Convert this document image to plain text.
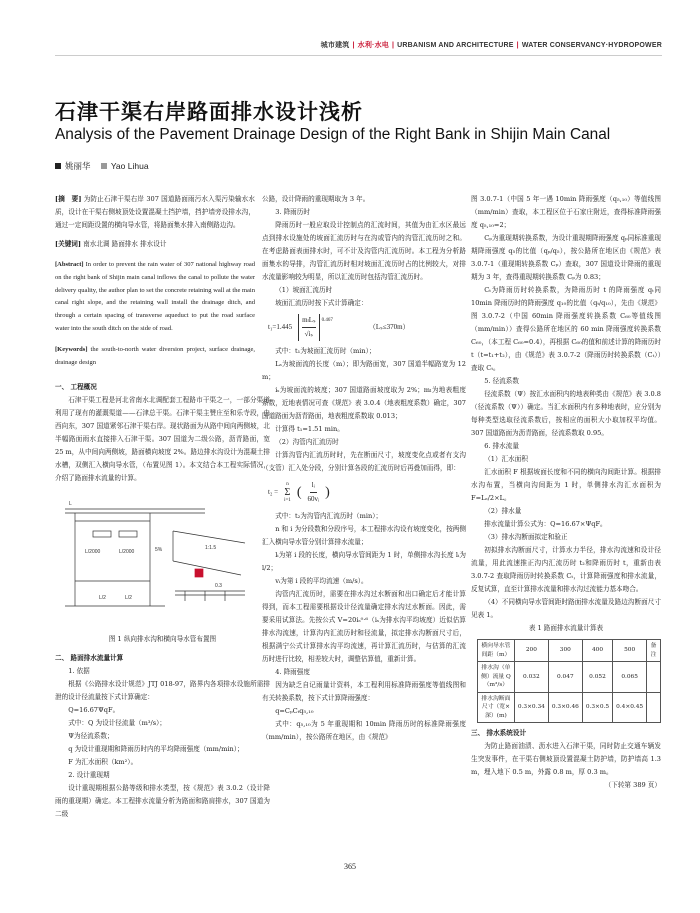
城市建筑 | 水利·水电 | URBANISM AND ARCHITECTURE | WATER CONSERVANCY·HYDROPOWER
石津干渠右岸路面排水设计浅析
Analysis of the Pavement Drainage Design of the Right Bank in Shijin Main Canal
姚丽华 Yao Lihua

[摘　要] 为防止石津干渠右岸 307 国道路面雨污水入渠污染输水水质，设计在干渠右侧坡顶处设置混凝土挡护墙，挡护墙旁设排水沟，通过一定间距设置的横向导水管，将路面集水排入南侧路边沟。

[关键词] 南水北调 路面排水 排水设计

[Abstract] In order to prevent the rain water of 307 national highway road on the right bank of Shijin main canal inflows the canal to pollute the water delivery quality, the author plan to set the concrete retaining wall at the main canal right slope, and the retaining wall install the drainage ditch, and through a certain spacing of transverse aqueduct to put the road surface water into the south ditch on the side of road.

[Keywords] the south-to-north water diversion project, surface drainage, drainage design

一、 工程概况

石津干渠工程是河北省南水北调配套工程路市干渠之一，一部分渠道利用了现有的灌溉渠道——石津总干渠。石津干渠主赞庄至和乐寺段，由西向东，307 国道紧邻石津干渠右岸。现状路面为从路中间向两侧坡，北半幅路面雨水直接排入石津干渠。307 国道为二级公路，沥青路面，宽 25 m，从中间向两侧坡，路面横向坡度 2%。路边排水沟设计为混凝土排水槽，双侧汇入横向导水管，（布置见图 1）。本文结合本工程实际情况，介绍了路面排水流量的计算。

L
L/2000	L/2000
L/2	L/2
5%	1:1.5
0.3

图 1 纵向排水沟和横向导水管布置图

二、 路面排水流量计算

1. 依据

根据《公路排水设计规范》JTJ 018-97，路界内各项排水设施所需排泄的设计径流量按下式计算确定：

Q=16.67ΨqF。

式中：Q 为设计径流量（m³/s）；

Ψ为径流系数；

q 为设计重现期和降雨历时内的平均降雨强度（mm/min）；

F 为汇水面积（km²）。

2. 设计重现期

设计重现期根据公路等级和排水类型，按《规范》表 3.0.2（设计降雨的重现期）确定。本工程排水流量分析为路面和路肩排水，307 国道为二级

公路，设计降雨的重现期取为 3 年。

3. 降雨历时

降雨历时一般应取设计控制点的汇流时间，其值为由汇水区最远点到排水设施处的坡面汇流历时与在沟或管内的沟管汇流历时之和。在考虑路面表面排水时，可不计及沟管内汇流历时。本工程为分析路面集水的导排，沟管汇流历时相对坡面汇流历时占的比例较大，对排水流量影响较为明显，所以汇流历时包括沟管汇流历时。

（1）坡面汇流历时

坡面汇流历时按下式计算确定：

t₁=1.445
mₗLₛ
√iₛ
$^{0.467}$
（Lₛ≤370m）

式中：t₁为坡面汇流历时（min）；

Lₛ为坡面流的长度（m）；即为路面宽，307 国道半幅路宽为 12 m；

iₛ为坡面流的坡度；307 国道路面坡度取为 2%；mₗ为地表粗度系数，近地表情况可查《规范》表 3.0.4（地表粗度系数）确定，307 国道路面为沥青路面，地表粗度系数取 0.013；

计算得 t₁=1.51 min。

（2）沟管内汇流历时

计算沟管内汇流历时时，先在断面尺寸，坡度变化点或者有支沟（支管）汇入处分段，分别计算各段的汇流历时后再叠加而得，即：

t₂ =
n
Σ
i=1 ( lᵢ
60vᵢ )

式中：t₂为沟管内汇流历时（min）；

n 和 i 为分段数和分段序号，本工程排水沟设有坡度变化，按两侧汇入横向导水管分别计算排水流量；

lᵢ为第 i 段的长度，横向导水管间距为 1 时，单侧排水沟长度 lᵢ为 l/2；

vᵢ为第 i 段的平均流速（m/s）。

沟管内汇流历时，需要在排水沟过水断面和出口确定后才能计算得到，而本工程需要根据设计径流量确定排水沟过水断面。因此，需要采用试算法。先按公式 V=20iₛ⁰·⁶（iₛ为排水沟平均坡度）近似估算排水沟流速，计算沟内汇流历时和径流量，拟定排水沟断面尺寸后，根据满宁公式计算排水沟平均流速，再计算汇流历时，与估算的汇流历时进行比较，相差较大时，调整估算值，重新计算。

4. 降雨强度

因为缺乏自记雨量计资料，本工程利用标准降雨强度等值线图和有关转换系数，按下式计算降雨强度：

q=CₚCₜq₅,₁₀

式中：q₅,₁₀为 5 年重现期和 10min 降雨历时的标准降雨强度（mm/min），按公路所在地区，由《规范》

图 3.0.7-1（中国 5 年一遇 10min 降雨强度（q₅,₁₀）等值线图（mm/min）查取，本工程区位于石家庄附近，查得标准降雨强度 q₅,₁₀=2；

Cₚ为重现期转换系数，为设计重现期降雨强度 qₚ同标准重现期降雨强度 q₅的比值（qₚ/q₅），按公路所在地区由《规范》表 3.0.7-1（重现期转换系数 Cₚ）查取，307 国道设计降雨的重现期为 3 年，查得重现期转换系数 Cₚ为 0.83；

Cₜ为降雨历时转换系数，为降雨历时 t 的降雨强度 qₜ同 10min 降雨历时的降雨强度 q₁₀的比值（qₜ/q₁₀），先由《规范》图 3.0.7-2（中国 60min 降雨强度转换系数 C₆₀等值线图（mm/min））查得公路所在地区的 60 min 降雨强度转换系数 C₆₀，（本工程 C₆₀=0.4），再根据 C₆₀的值和前述计算的降雨历时 t（t=t₁+t₂），由《规范》表 3.0.7-2（降雨历时转换系数（Cₜ））查取 Cₜ。

5. 径流系数

径流系数（Ψ）按汇水面积内的地表种类由《规范》表 3.0.8（径流系数（Ψ））确定。当汇水面积内有多种地表时，应分别为每种类型选取径流系数后，按相应的面积大小取加权平均值。307 国道路面为沥青路面，径流系数取 0.95。

6. 排水流量

（1）汇水面积

汇水面积 F 根据坡面长度和不同的横向沟间距计算。根据排水沟布置，当横向沟间距为 1 时，单侧排水沟汇水面积为 F=Lₛ/2×L。

（2）排水量

排水流量计算公式为：Q=16.67×ΨqF。

（3）排水沟断面拟定和验正

初拟排水沟断面尺寸，计算水力半径，排水沟流速和设计径流量，用此流速推正沟内汇流历时 t₂和降雨历时 t，重新由表 3.0.7-2 查取降雨历时转换系数 Cₜ，计算降雨强度和排水流量，反复试算，直至计算排水流量和排水沟过流能力基本吻合。

（4）不同横向导水管间距时路面排水流量及路边沟断面尺寸见表 1。

表 1 路面排水流量计算表

横向导水管间距（m）	200	300	400	500	备注
排水沟（单侧）流量 Q（m³/s）	0.032	0.047	0.052	0.065	
排水沟断面尺寸（宽×深）(m)	0.3×0.34	0.3×0.46	0.3×0.5	0.4×0.45	

三、 排水系统设计

为防止路面油渍、沥水进入石津干渠，同时防止交通车辆发生突发事件，在干渠右侧坡顶设置混凝土防护墙，防护墙高 1.3 m，埋入地下 0.5 m，外露 0.8 m，厚 0.3 m。

（下转第 389 页）

365
